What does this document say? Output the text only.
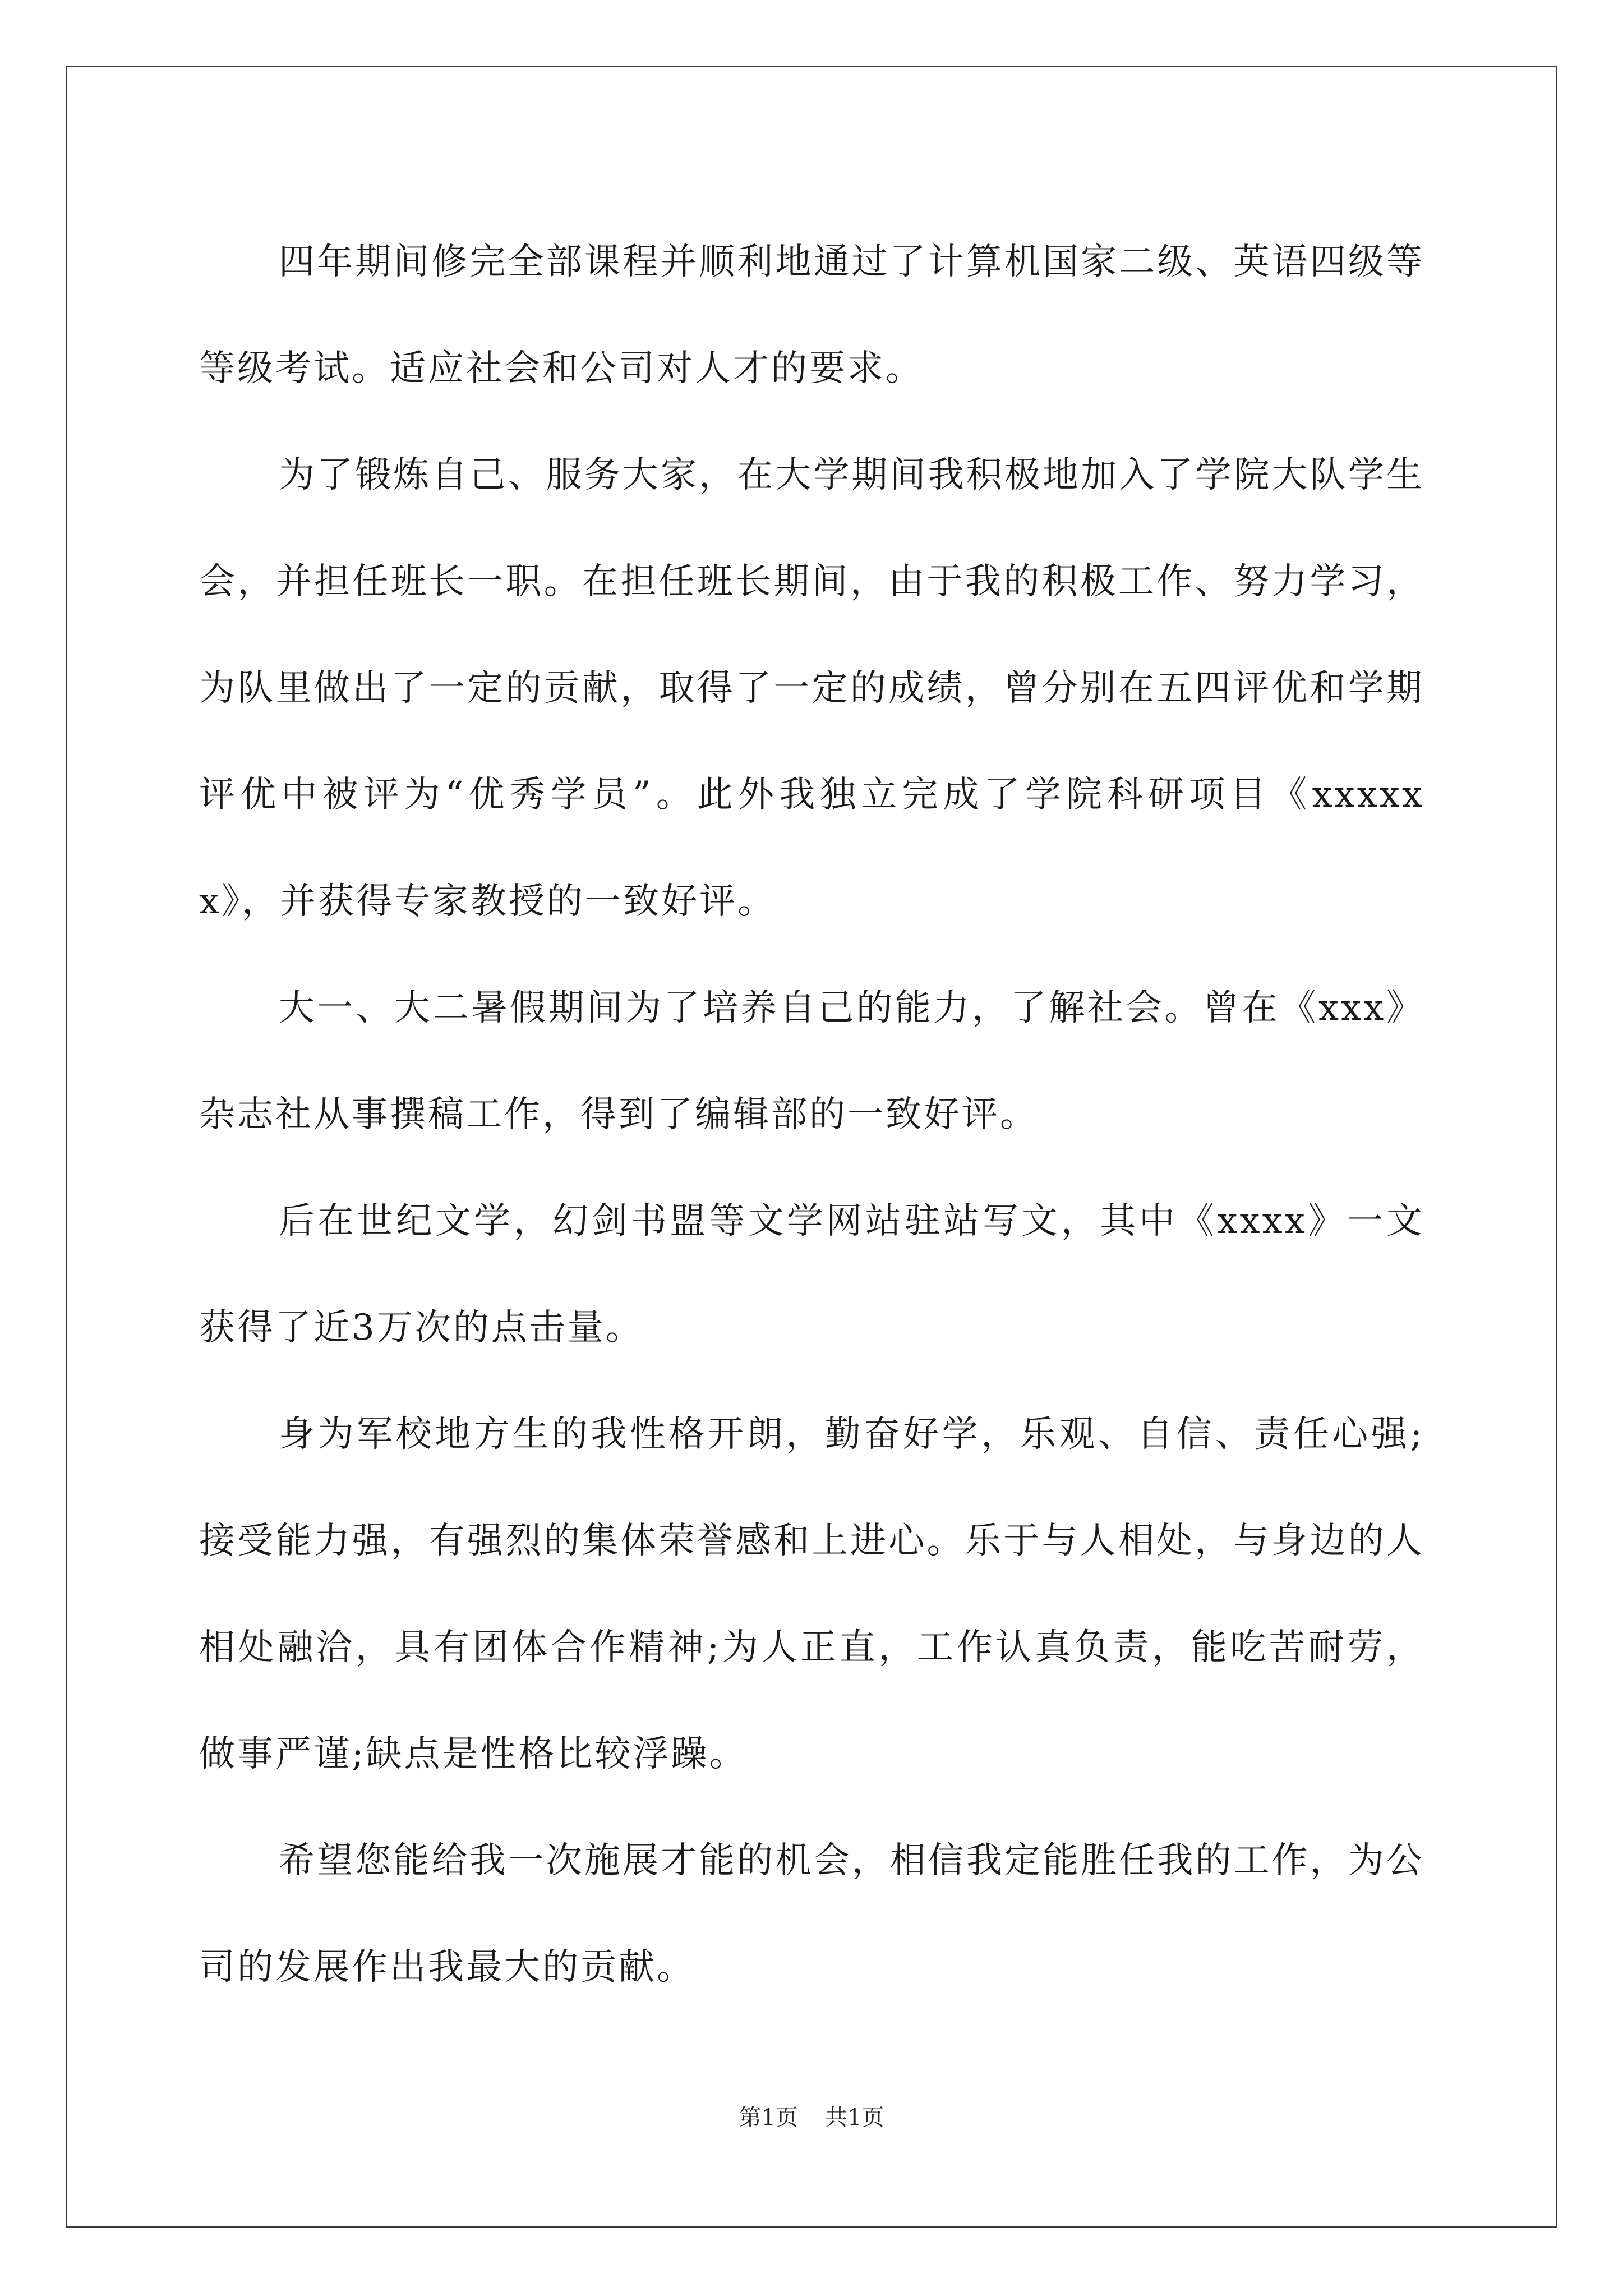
四年期间修完全部课程并顺利地通过了计算机国家二级、英语四级等等级考试。适应社会和公司对人才的要求。

为了锻炼自己、服务大家，在大学期间我积极地加入了学院大队学生会，并担任班长一职。在担任班长期间，由于我的积极工作、努力学习，为队里做出了一定的贡献，取得了一定的成绩，曾分别在五四评优和学期评优中被评为“优秀学员”。此外我独立完成了学院科研项目《xxxxxx》，并获得专家教授的一致好评。

大一、大二暑假期间为了培养自己的能力，了解社会。曾在《xxx》杂志社从事撰稿工作，得到了编辑部的一致好评。

后在世纪文学，幻剑书盟等文学网站驻站写文，其中《xxxx》一文获得了近3万次的点击量。

身为军校地方生的我性格开朗，勤奋好学，乐观、自信、责任心强;接受能力强，有强烈的集体荣誉感和上进心。乐于与人相处，与身边的人相处融洽，具有团体合作精神;为人正直，工作认真负责，能吃苦耐劳，做事严谨;缺点是性格比较浮躁。

希望您能给我一次施展才能的机会，相信我定能胜任我的工作，为公司的发展作出我最大的贡献。

第1页 共1页
